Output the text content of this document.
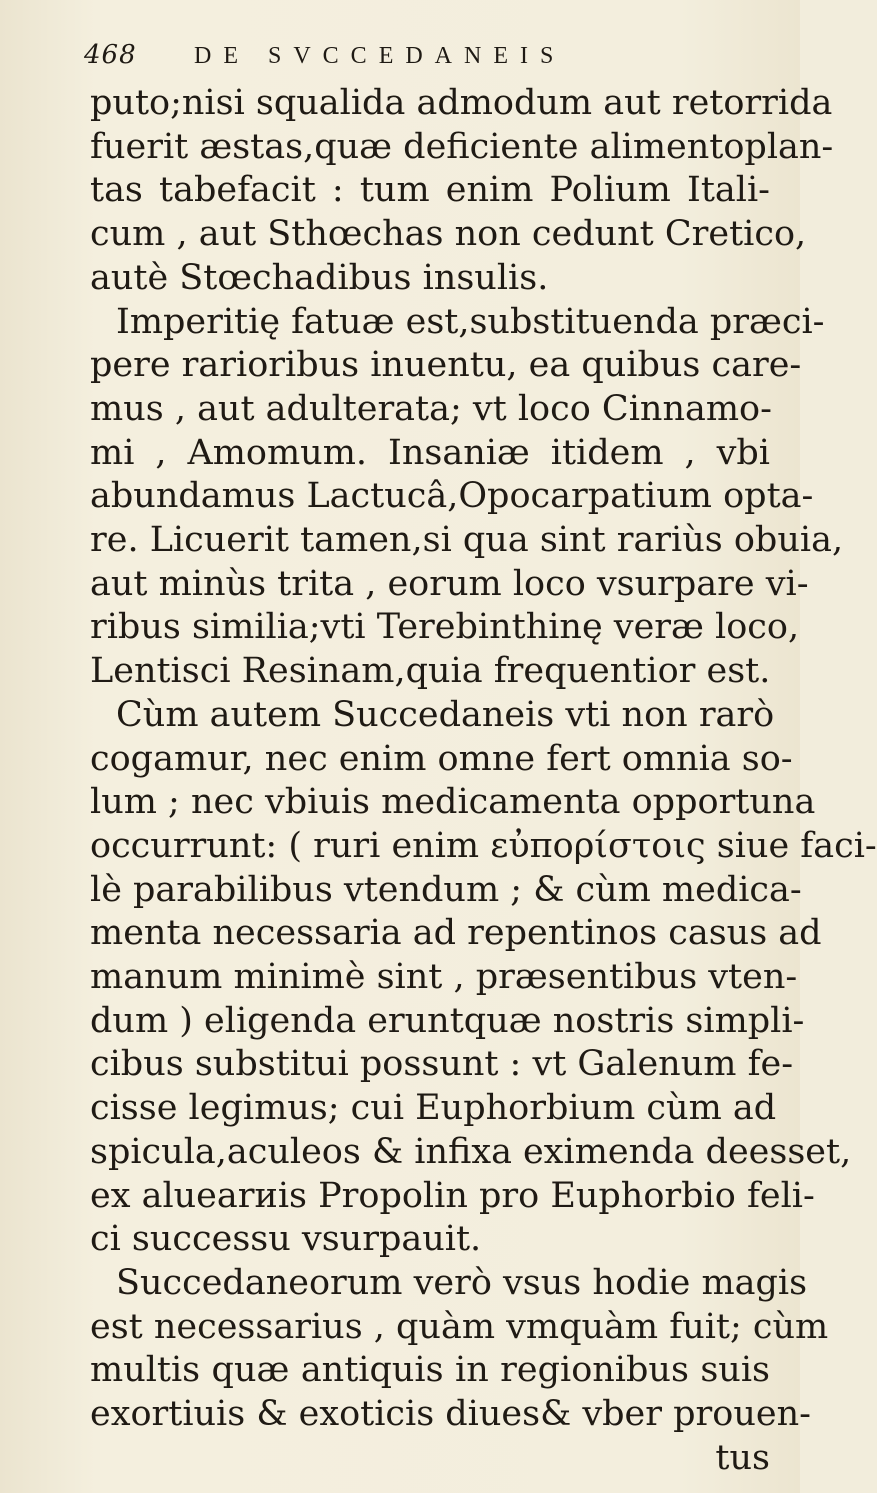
468	DE SVCCEDANEIS
puto;nisi squalida admodum aut retorrida
fuerit æstas,quæ deficiente alimentoplan-
tas tabefacit : tum enim Polium Itali-
cum , aut Sthœchas non cedunt Cretico,
autè Stœchadibus insulis.
Imperitię fatuæ est,substituenda præci-
pere rarioribus inuentu, ea quibus care-
mus , aut adulterata; vt loco Cinnamo-
mi , Amomum. Insaniæ itidem , vbi
abundamus Lactucâ,Opocarpatium opta-
re. Licuerit tamen,si qua sint rariùs obuia,
aut minùs trita , eorum loco vsurpare vi-
ribus similia;vti Terebinthinę veræ loco,
Lentisci Resinam,quia frequentior est.
Cùm autem Succedaneis vti non rarò
cogamur, nec enim omne fert omnia so-
lum ; nec vbiuis medicamenta opportuna
occurrunt: ( ruri enim εὐπορίστοις siue faci-
lè parabilibus vtendum ; & cùm medica-
menta necessaria ad repentinos casus ad
manum minimè sint , præsentibus vten-
dum ) eligenda eruntquæ nostris simpli-
cibus substitui possunt : vt Galenum fe-
cisse legimus; cui Euphorbium cùm ad
spicula,aculeos & infixa eximenda deesset,
ex aluearиis Propolin pro Euphorbio feli-
ci successu vsurpauit.
Succedaneorum verò vsus hodie magis
est necessarius , quàm vmquàm fuit; cùm
multis quæ antiquis in regionibus suis
exortiuis & exoticis diues& vber prouen-
tus
